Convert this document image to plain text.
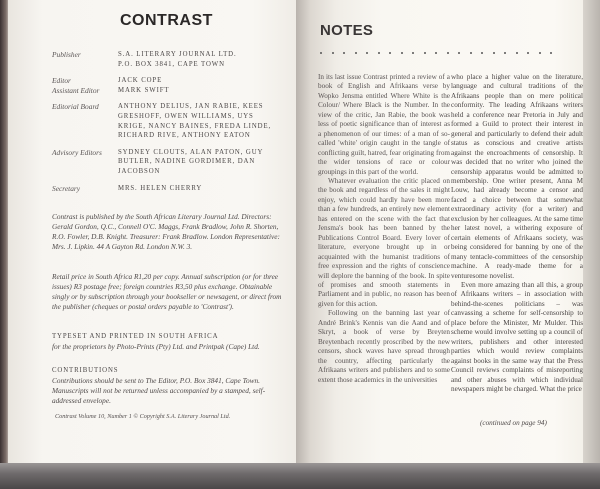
CONTRAST
Publisher	S.A. LITERARY JOURNAL LTD.
P.O. BOX 3841, CAPE TOWN
Editor	JACK COPE
Assistant Editor	MARK SWIFT
Editorial Board	ANTHONY DELIUS, JAN RABIE, KEES
GRESHOFF, OWEN WILLIAMS, UYS
KRIGE, NANCY BAINES, FREDA LINDE,
RICHARD RIVE, ANTHONY EATON
Advisory Editors	SYDNEY CLOUTS, ALAN PATON, GUY
BUTLER, NADINE GORDIMER, DAN
JACOBSON
Secretary	MRS. HELEN CHERRY
Contrast is published by the South African Literary Journal Ltd. Directors: Gerald Gordon, Q.C., Connell O'C. Maggs, Frank Bradlow, John R. Shorten, R.O. Fowler, D.B. Knight. Treasurer: Frank Bradlow. London Representative: Mrs. J. Lipkin. 44 A Gayton Rd. London N.W. 3.
Retail price in South Africa R1,20 per copy. Annual subscription (or for three issues) R3 postage free; foreign countries R3,50 plus exchange. Obtainable singly or by subscription through your bookseller or newsagent, or direct from the publisher (cheques or postal orders payable to 'Contrast').
TYPESET AND PRINTED IN SOUTH AFRICA
for the proprietors by Photo-Prints (Pty) Ltd. and Printpak (Cape) Ltd.
CONTRIBUTIONS
Contributions should be sent to The Editor, P.O. Box 3841, Cape Town. Manuscripts will not be returned unless accompanied by a stamped, self-addressed envelope.
Contrast Volume 10, Number 1 © Copyright S.A. Literary Journal Ltd.
NOTES

In its last issue Contrast printed a review of a book of English and Afrikaans verse by Wopko Jensma entitled Where White is the Colour/ Where Black is the Number. In the view of the critic, Jan Rabie, the book was less of poetic significance than of interest as a phenomenon of our times: of a man of so-called 'white' origin caught in the tangle of conflicting guilt, hatred, fear originating from the wider tensions of race or colour groupings in this part of the world.

Whatever evaluation the critic placed on the book and regardless of the sales it might enjoy, which could hardly have been more than a few hundreds, an entirely new element has entered on the scene with the fact that Jensma's book has been banned by the Publications Control Board. Every lover of literature, everyone brought up in or acquainted with the humanist traditions of free expression and the rights of conscience will deplore the banning of the book. In spite of promises and smooth statements in Parliament and in public, no reason has been given for this action.

Following on the banning last year of André Brink's Kennis van die Aand and of Skryt, a book of verse by Breyten Breytenbach recently proscribed by the new censors, shock waves have spread through the country, affecting particularly the Afrikaans writers and publishers and to some extent those academics in the universities

who place a higher value on the literature, language and cultural traditions of the Afrikaans people than on mere political conformity. The leading Afrikaans writers held a conference near Pretoria in July and formed a Guild to protect their interest in general and particularly to defend their adult status as conscious and creative artists against the encroachments of censorship. It was decided that no writer who joined the censorship apparatus would be admitted to membership. One writer present, Anna M Louw, had already become a censor and faced a choice between that somewhat extraordinary activity (for a writer) and exclusion by her colleagues. At the same time her latest novel, a withering exposure of certain elements of Afrikaans society, was being considered for banning by one of the many tentacle-committees of the censorship machine. A ready-made theme for a venturesome novelist.

Even more amazing than all this, a group of Afrikaans writers – in association with behind-the-scenes politicians – was canvassing a scheme for self-censorship to place before the Minister, Mr Mulder. This scheme would involve setting up a council of writers, publishers and other interested parties which would review complaints against books in the same way that the Press Council reviews complaints of misreporting and other abuses with which individual newspapers might be charged. What the price

(continued on page 94)
